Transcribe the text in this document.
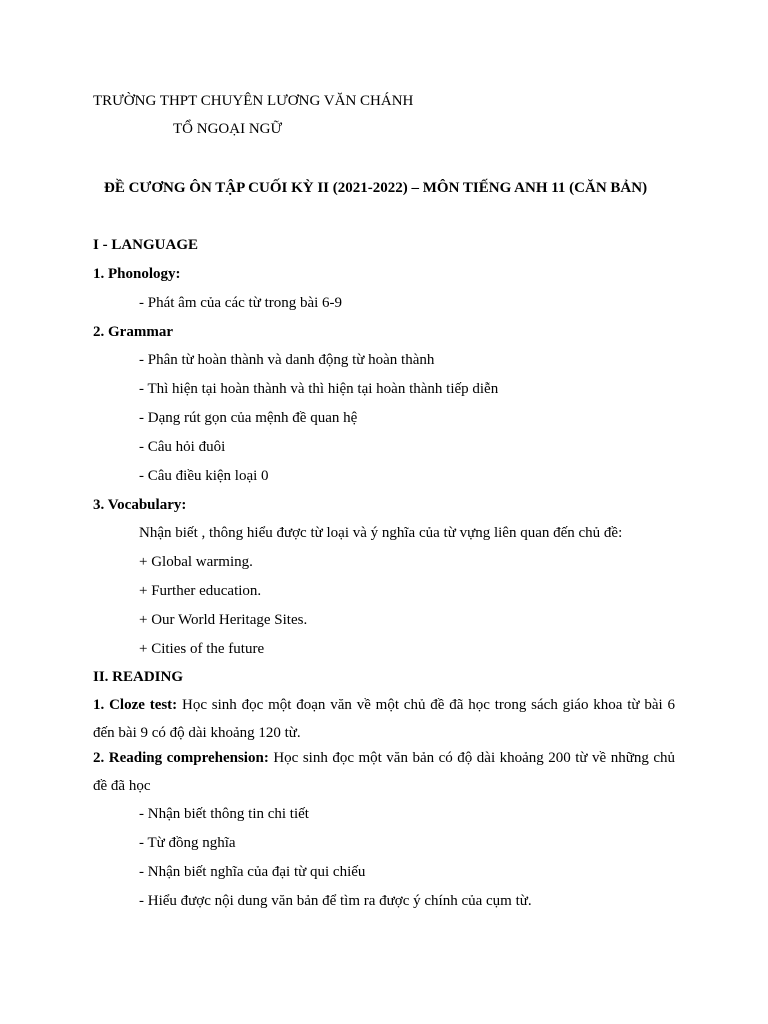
TRƯỜNG THPT CHUYÊN LƯƠNG VĂN CHÁNH
TỔ NGOẠI NGỮ
ĐỀ CƯƠNG ÔN TẬP CUỐI KỲ II (2021-2022) – MÔN TIẾNG ANH 11 (CĂN BẢN)
I - LANGUAGE
1. Phonology:
- Phát âm của các từ trong bài 6-9
2. Grammar
- Phân từ hoàn thành và danh động từ hoàn thành
- Thì hiện tại hoàn thành và thì hiện tại hoàn thành tiếp diễn
- Dạng rút gọn của mệnh đề quan hệ
- Câu hỏi đuôi
- Câu điều kiện loại 0
3. Vocabulary:
Nhận biết , thông hiểu được từ loại và ý nghĩa của từ vựng liên quan đến chủ đề:
+ Global warming.
+ Further education.
+ Our World Heritage Sites.
+ Cities of the future
II. READING
1. Cloze test: Học sinh đọc một đoạn văn về một chủ đề đã học trong sách giáo khoa từ bài 6 đến bài 9 có độ dài khoảng 120 từ.
2. Reading comprehension: Học sinh đọc một văn bản có độ dài khoảng 200 từ về những chủ đề đã học
- Nhận biết thông tin chi tiết
- Từ đồng nghĩa
- Nhận biết nghĩa của đại từ qui chiếu
- Hiểu được nội dung văn bản để tìm ra được ý chính của cụm từ.
